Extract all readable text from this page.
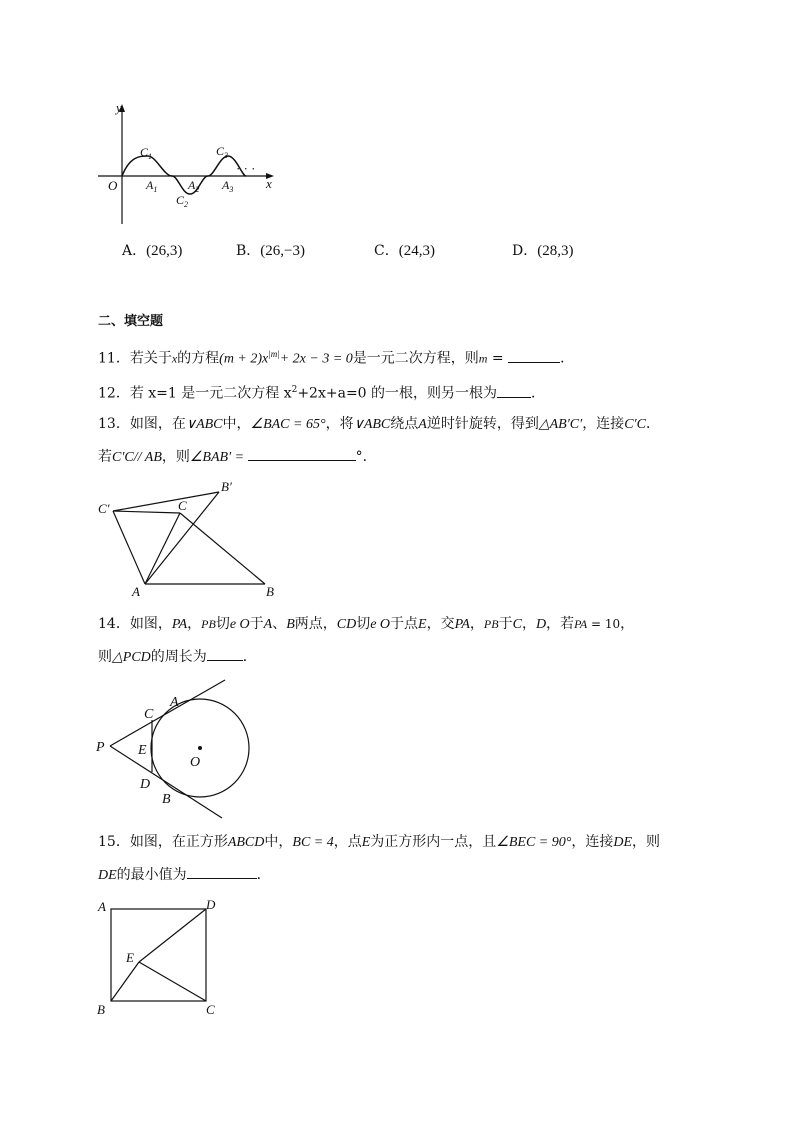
y
x
O
$C_1$
$C_2$
$C_3$
$A_1$	$A_2$ $A_3$
· · ·
A．(26,3)	B．(26,−3)	C．(24,3)	D．(28,3)
二、填空题
11．若关于x的方程$(m + 2)x^{|m|}+ 2x - 3 = 0$是一元二次方程，则m =	．
12．若 x=1 是一元二次方程 $x^2+2x+a=0$ 的一根，则另一根为 ．
13．如图，在∨ABC中，∠BAC = 65°，将∨ABC绕点A逆时针旋转，得到△AB′C′，连接C′C．
若C′C// AB，则∠BAB′ =	°．
B′
C′	C
A	B
14．如图，PA，PB切e O于A、B两点，CD切e O于点E，交PA，PB于C，D，若PA = 10，
则△PCD的周长为	．
A
C
P E
O
D
B
15．如图，在正方形ABCD中，BC = 4，点E为正方形内一点，且∠BEC = 90°，连接DE，则
DE的最小值为	．
A	D
E
B	C
